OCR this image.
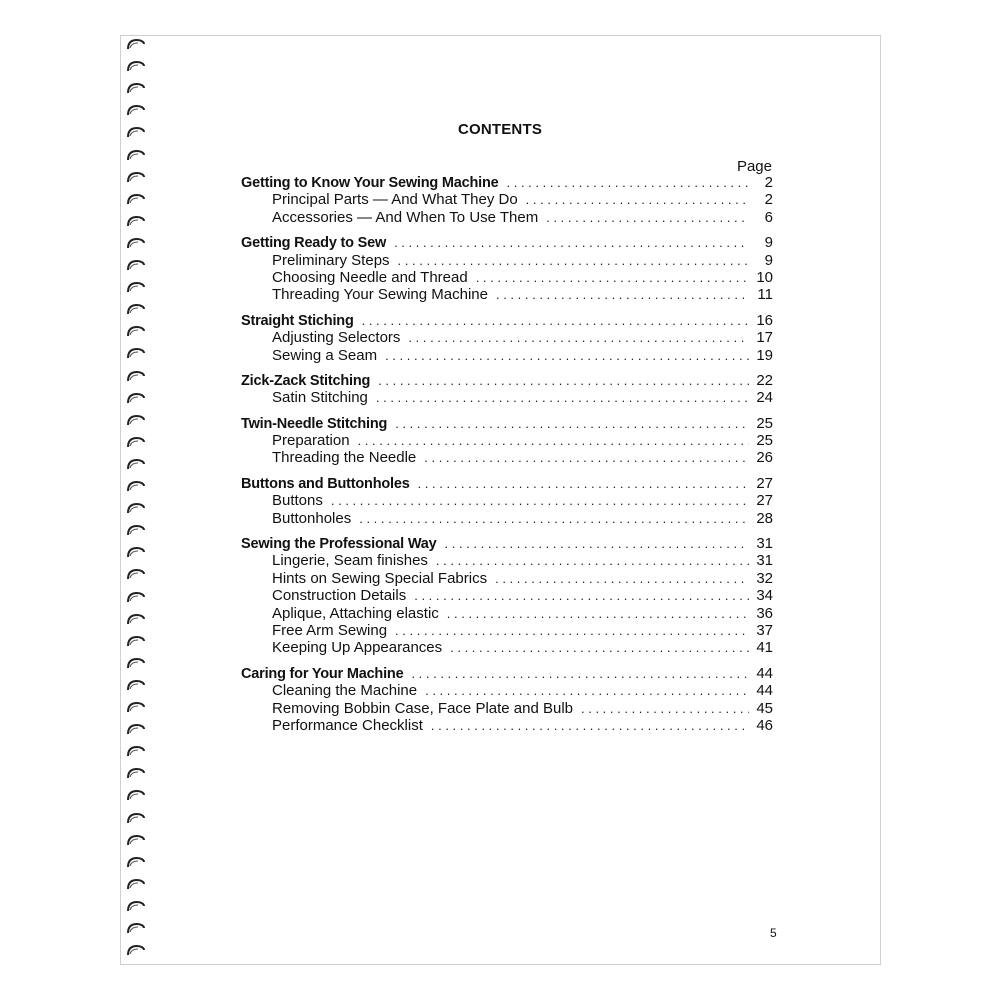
CONTENTS
Page
Getting to Know Your Sewing Machine . . .	2
Principal Parts — And What They Do . . .	2
Accessories — And When To Use Them . . .	6
Getting Ready to Sew . . .	9
Preliminary Steps . . .	9
Choosing Needle and Thread . . .	10
Threading Your Sewing Machine . . .	11
Straight Stiching . . .	16
Adjusting Selectors . . .	17
Sewing a Seam . . .	19
Zick-Zack Stitching . . .	22
Satin Stitching . . .	24
Twin-Needle Stitching . . .	25
Preparation . . .	25
Threading the Needle . . .	26
Buttons and Buttonholes . . .	27
Buttons . . .	27
Buttonholes . . .	28
Sewing the Professional Way . . .	31
Lingerie, Seam finishes . . .	31
Hints on Sewing Special Fabrics . . .	32
Construction Details . . .	34
Aplique, Attaching elastic . . .	36
Free Arm Sewing . . .	37
Keeping Up Appearances . . .	41
Caring for Your Machine . . .	44
Cleaning the Machine . . .	44
Removing Bobbin Case, Face Plate and Bulb . . .	45
Performance Checklist . . .	46
5
